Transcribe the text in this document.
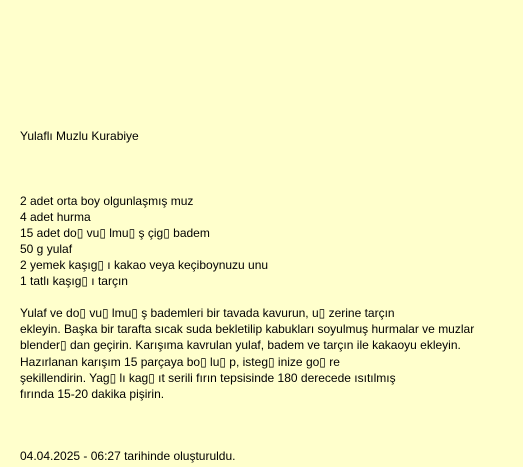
Yulaflı Muzlu Kurabiye
2 adet orta boy olgunlaşmış muz
4 adet hurma
15 adet do▯ vu▯ lmu▯ ş çig▯ badem
50 g yulaf
2 yemek kaşıg▯ ı kakao veya keçiboynuzu unu
1 tatlı kaşıg▯ ı tarçın
Yulaf ve do▯ vu▯ lmu▯ ş bademleri bir tavada kavurun, u▯ zerine tarçın
ekleyin. Başka bir tarafta sıcak suda bekletilip kabukları soyulmuş hurmalar ve muzlar
blender▯ dan geçirin. Karışıma kavrulan yulaf, badem ve tarçın ile kakaoyu ekleyin.
Hazırlanan karışım 15 parçaya bo▯ lu▯ p, isteg▯ inize go▯ re
şekillendirin. Yag▯ lı kag▯ ıt serili fırın tepsisinde 180 derecede ısıtılmış
fırında 15-20 dakika pişirin.
04.04.2025 - 06:27 tarihinde oluşturuldu.
